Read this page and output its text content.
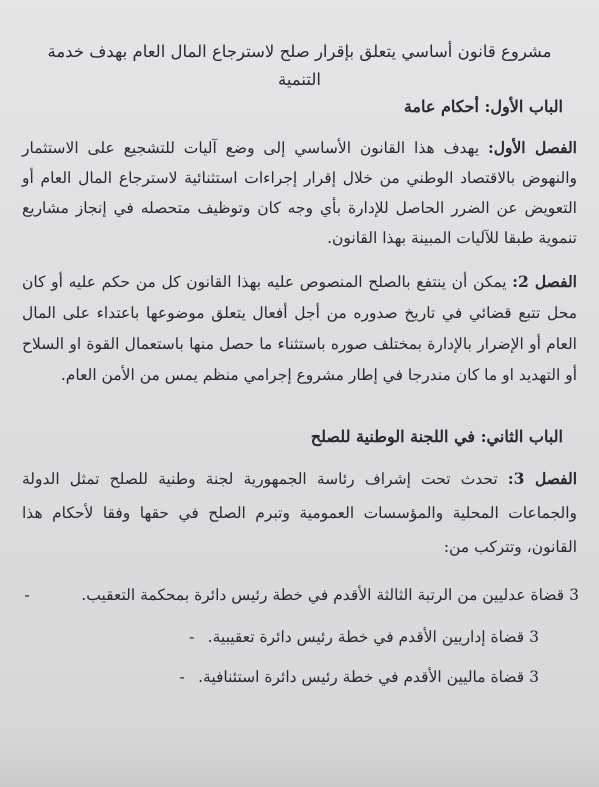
مشروع قانون أساسي يتعلق بإقرار صلح لاسترجاع المال العام بهدف خدمة التنمية
الباب الأول: أحكام عامة

الفصل الأول: يهدف هذا القانون الأساسي إلى وضع آليات للتشجيع على الاستثمار والنهوض بالاقتصاد الوطني من خلال إقرار إجراءات استثنائية لاسترجاع المال العام أو التعويض عن الضرر الحاصل للإدارة بأي وجه كان وتوظيف متحصله في إنجاز مشاريع تنموية طبقا للآليات المبينة بهذا القانون.

الفصل 2: يمكن أن ينتفع بالصلح المنصوص عليه بهذا القانون كل من حكم عليه أو كان محل تتبع قضائي في تاريخ صدوره من أجل أفعال يتعلق موضوعها باعتداء على المال العام أو الإضرار بالإدارة بمختلف صوره باستثناء ما حصل منها باستعمال القوة او السلاح أو التهديد او ما كان مندرجا في إطار مشروع إجرامي منظم يمس من الأمن العام.

الباب الثاني: في اللجنة الوطنية للصلح

الفصل 3: تحدث تحت إشراف رئاسة الجمهورية لجنة وطنية للصلح تمثل الدولة والجماعات المحلية والمؤسسات العمومية وتبرم الصلح في حقها وفقا لأحكام هذا القانون، وتتركب من:

3 قضاة عدليين من الرتبة الثالثة الأقدم في خطة رئيس دائرة بمحكمة التعقيب.
-
3 قضاة إداريين الأقدم في خطة رئيس دائرة تعقيبية. -
3 قضاة ماليين الأقدم في خطة رئيس دائرة استئنافية. -
